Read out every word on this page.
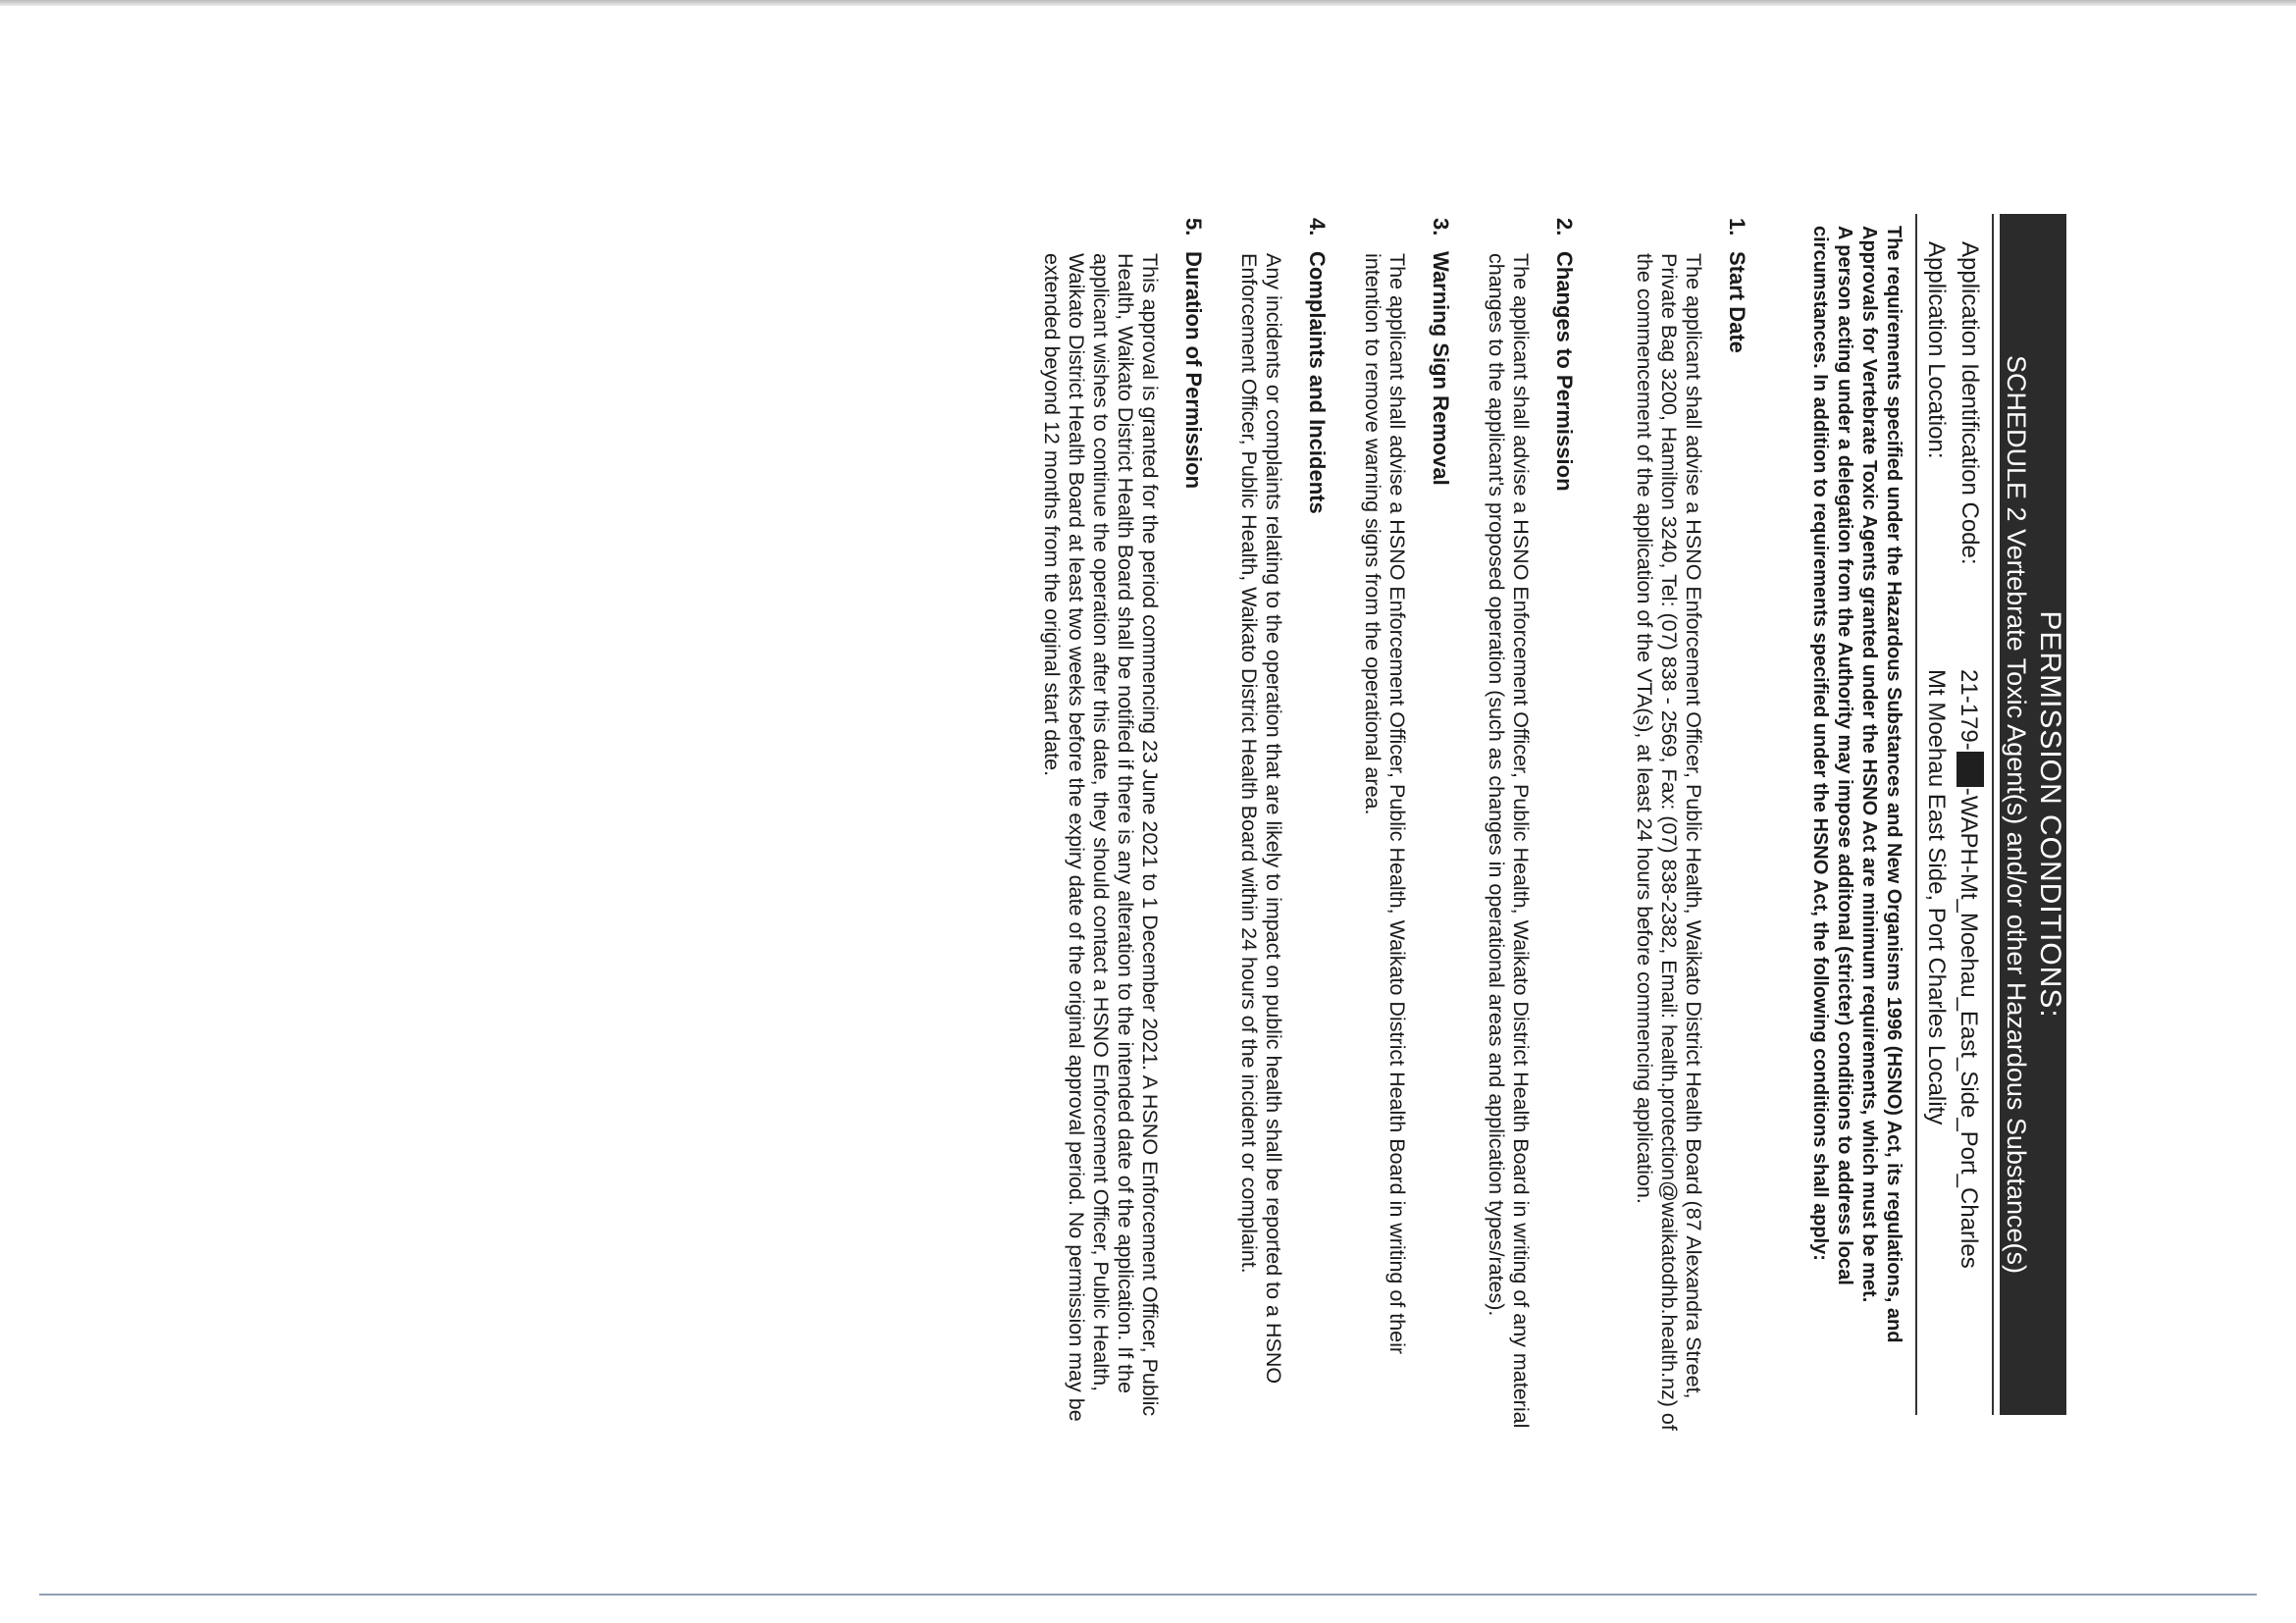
PERMISSION CONDITIONS:
SCHEDULE 2 Vertebrate Toxic Agent(s) and/or other Hazardous Substance(s)
Application Identification Code:
21-179--WAPH-Mt_Moehau_East_Side_Port_Charles
Application Location:
Mt Moehau East Side, Port Charles Locality
The requirements specified under the Hazardous Substances and New Organisms 1996 (HSNO) Act, its regulations, and Approvals for Vertebrate Toxic Agents granted under the HSNO Act are minimum requirements, which must be met.
A person acting under a delegation from the Authority may impose additonal (stricter) conditions to address local circumstances. In addition to requirements specified under the HSNO Act, the following conditions shall apply:
1.
Start Date
The applicant shall advise a HSNO Enforcement Officer, Public Health, Waikato District Health Board (87 Alexandra Street, Private Bag 3200, Hamilton 3240, Tel: (07) 838 - 2569, Fax: (07) 838-2382, Email: health.protection@waikatodhb.health.nz) of the commencement of the application of the VTA(s), at least 24 hours before commencing application.
2.
Changes to Permission
The applicant shall advise a HSNO Enforcement Officer, Public Health, Waikato District Health Board in writing of any material changes to the applicant's proposed operation (such as changes in operational areas and application types/rates).
3.
Warning Sign Removal
The applicant shall advise a HSNO Enforcement Officer, Public Health, Waikato District Health Board in writing of their intention to remove warning signs from the operational area.
4.
Complaints and Incidents
Any incidents or complaints relating to the operation that are likely to impact on public health shall be reported to a HSNO Enforcement Officer, Public Health, Waikato District Health Board within 24 hours of the incident or complaint.
5.
Duration of Permission
This approval is granted for the period commencing 23 June 2021 to 1 December 2021. A HSNO Enforcement Officer, Public Health, Waikato District Health Board shall be notified if there is any alteration to the intended date of the application. If the applicant wishes to continue the operation after this date, they should contact a HSNO Enforcement Officer, Public Health, Waikato District Health Board at least two weeks before the expiry date of the original approval period. No permission may be extended beyond 12 months from the original start date.
